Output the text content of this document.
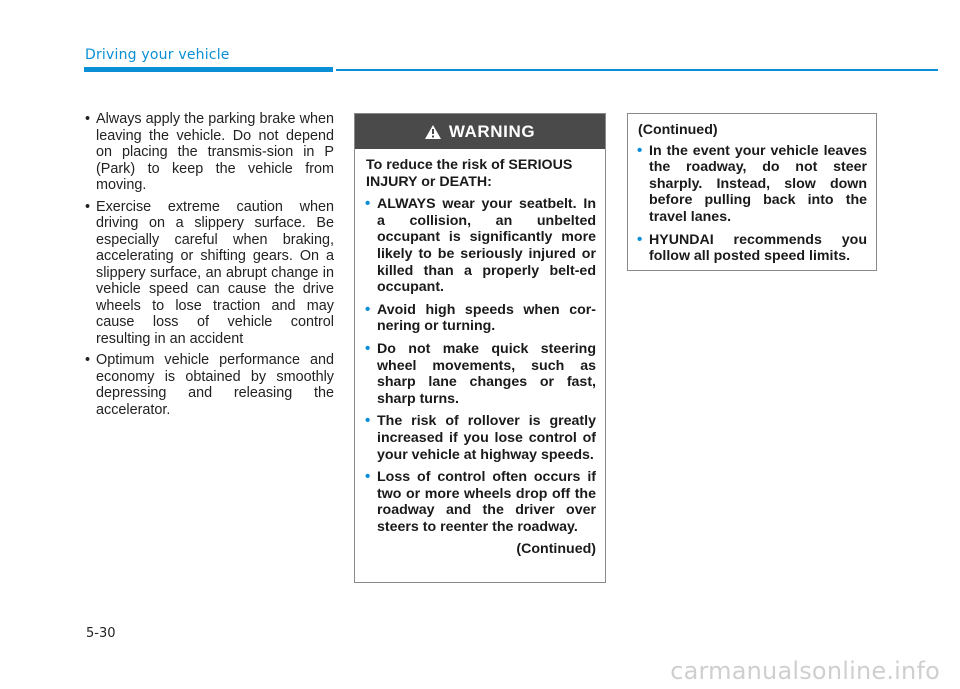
Driving your vehicle
• Always apply the parking brake when leaving the vehicle. Do not depend on placing the transmis-sion in P (Park) to keep the vehicle from moving.
• Exercise extreme caution when driving on a slippery surface. Be especially careful when braking, accelerating or shifting gears. On a slippery surface, an abrupt change in vehicle speed can cause the drive wheels to lose traction and may cause loss of vehicle control resulting in an accident
• Optimum vehicle performance and economy is obtained by smoothly depressing and releasing the accelerator.
WARNING

To reduce the risk of SERIOUS INJURY or DEATH:

• ALWAYS wear your seatbelt. In a collision, an unbelted occupant is significantly more likely to be seriously injured or killed than a properly belt-ed occupant.
• Avoid high speeds when cor-nering or turning.
• Do not make quick steering wheel movements, such as sharp lane changes or fast, sharp turns.
• The risk of rollover is greatly increased if you lose control of your vehicle at highway speeds.
• Loss of control often occurs if two or more wheels drop off the roadway and the driver over steers to reenter the roadway.
(Continued)

(Continued)

• In the event your vehicle leaves the roadway, do not steer sharply. Instead, slow down before pulling back into the travel lanes.
• HYUNDAI recommends you follow all posted speed limits.
5-30
carmanualsonline.info
